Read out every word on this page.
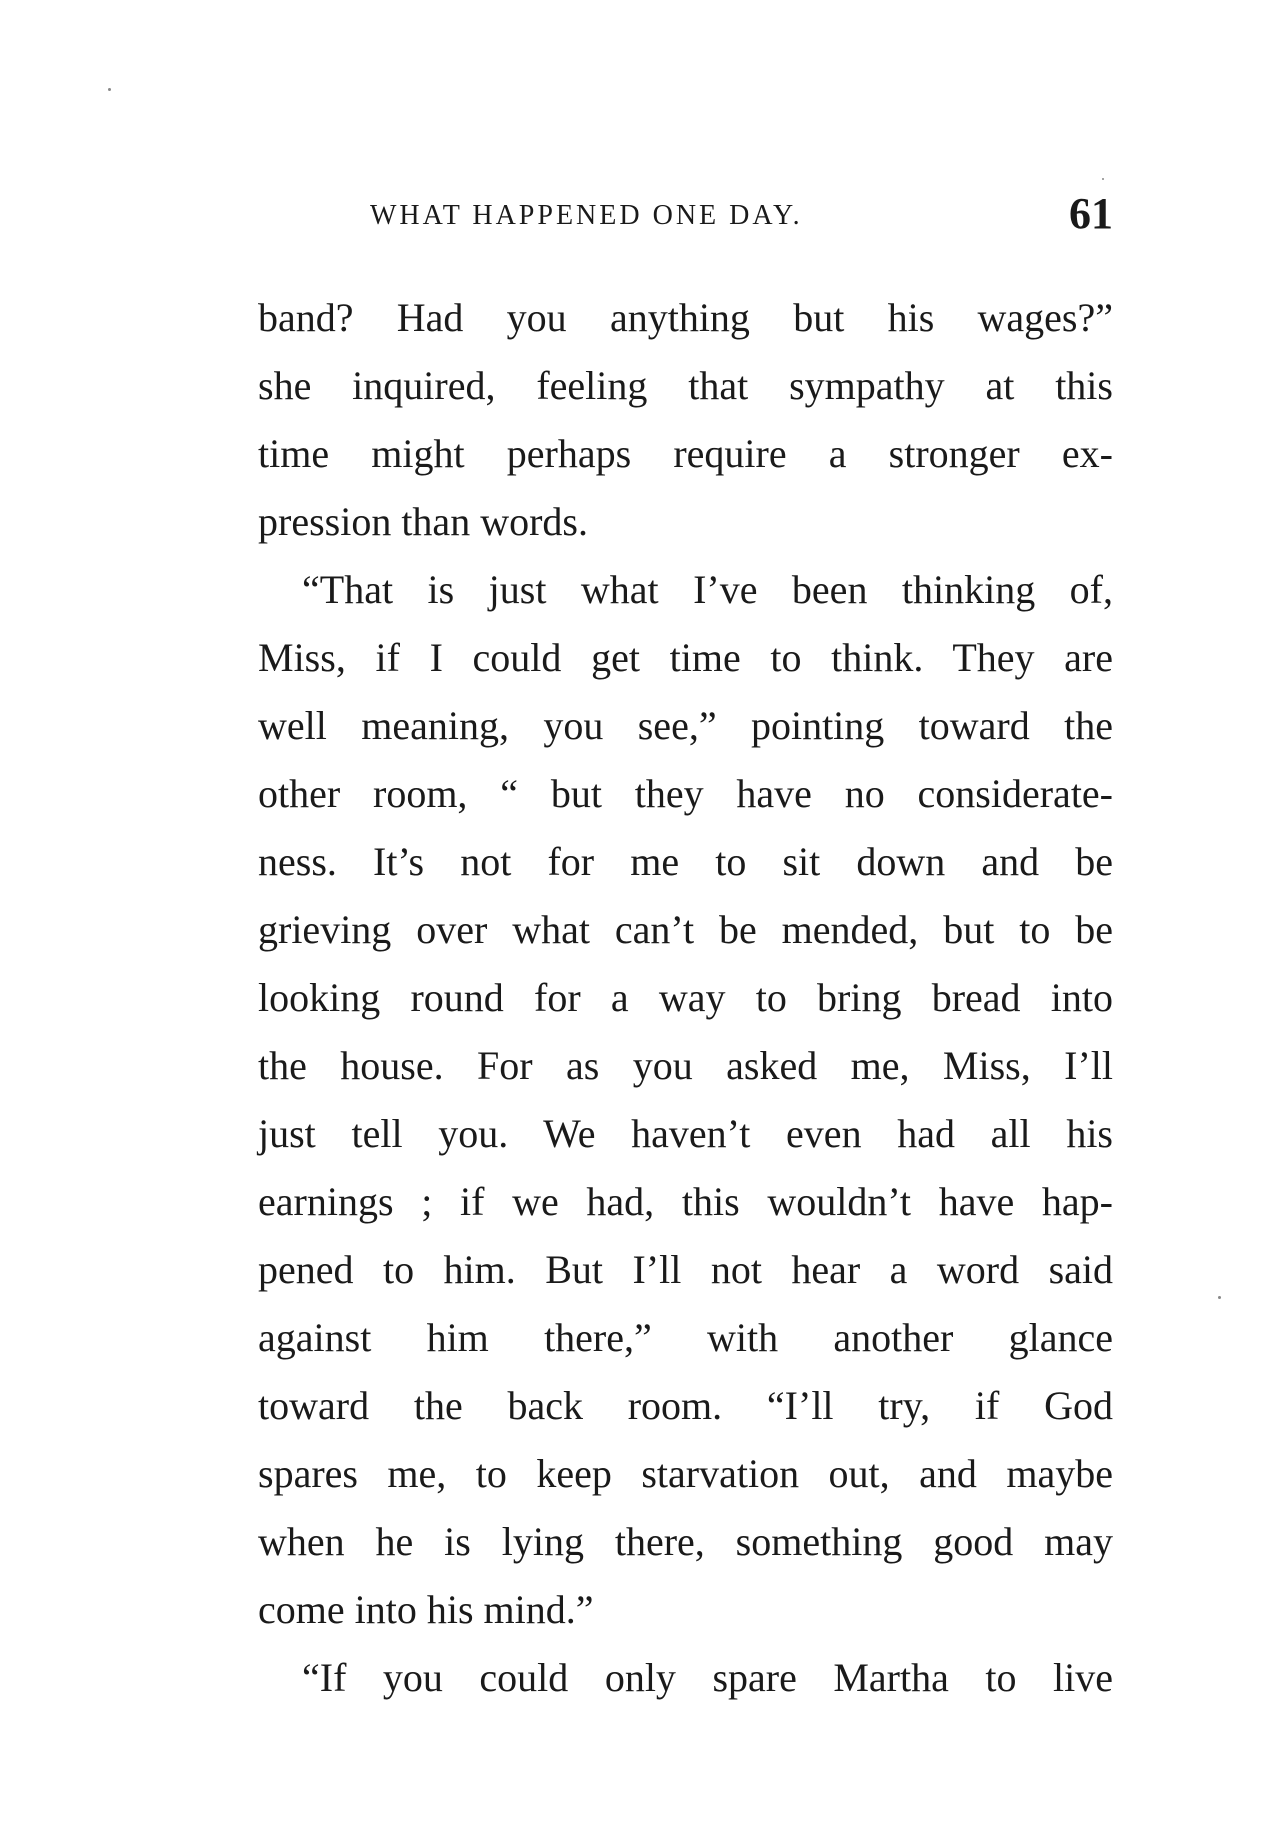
WHAT HAPPENED ONE DAY.	61
band? Had you anything but his wages?”
she inquired, feeling that sympathy at this
time might perhaps require a stronger ex-
pression than words.
“That is just what I’ve been thinking of,
Miss, if I could get time to think. They are
well meaning, you see,” pointing toward the
other room, “ but they have no considerate-
ness. It’s not for me to sit down and be
grieving over what can’t be mended, but to be
looking round for a way to bring bread into
the house. For as you asked me, Miss, I’ll
just tell you. We haven’t even had all his
earnings ; if we had, this wouldn’t have hap-
pened to him. But I’ll not hear a word said
against him there,” with another glance
toward the back room. “I’ll try, if God
spares me, to keep starvation out, and maybe
when he is lying there, something good may
come into his mind.”
“If you could only spare Martha to live
